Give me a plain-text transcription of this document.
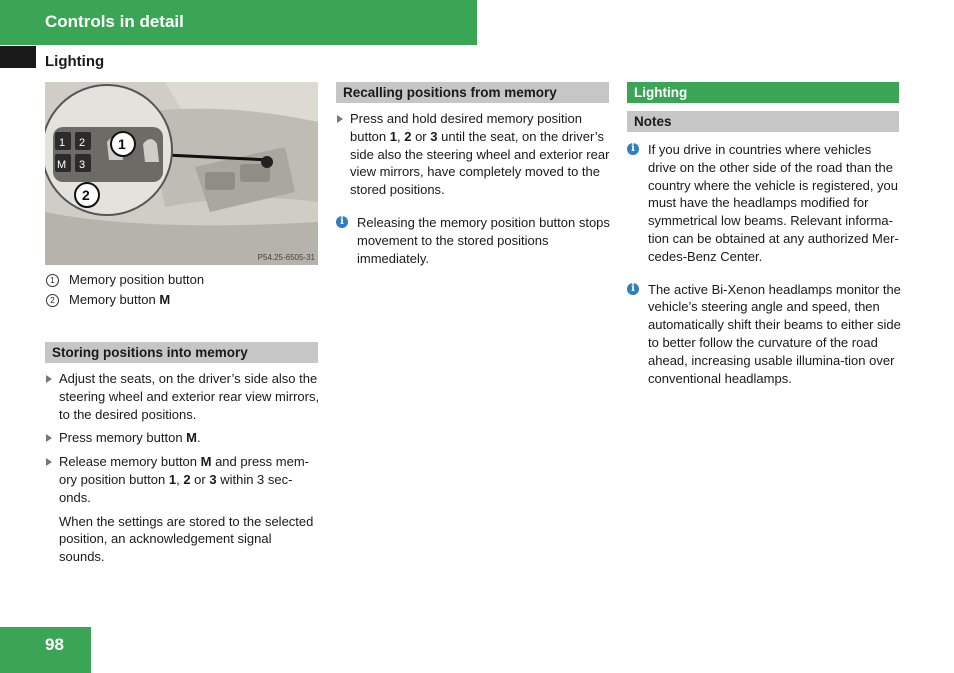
Controls in detail
Lighting
1 2
M 3
1
2
P54.25-6505-31
1	Memory position button
2	Memory button M
Storing positions into memory
Adjust the seats, on the driver’s side also the steering wheel and exterior rear view mirrors, to the desired positions.
Press memory button M.
Release memory button M and press mem-ory position button 1, 2 or 3 within 3 sec-onds.
When the settings are stored to the selected position, an acknowledgement signal sounds.
Recalling positions from memory
Press and hold desired memory position button 1, 2 or 3 until the seat, on the driver’s side also the steering wheel and exterior rear view mirrors, have completely moved to the stored positions.
i	Releasing the memory position button stops movement to the stored positions immediately.
Lighting
Notes
i	If you drive in countries where vehicles drive on the other side of the road than the country where the vehicle is registered, you must have the headlamps modified for symmetrical low beams. Relevant informa-tion can be obtained at any authorized Mer-cedes-Benz Center.
i	The active Bi-Xenon headlamps monitor the vehicle’s steering angle and speed, then automatically shift their beams to either side to better follow the curvature of the road ahead, increasing usable illumina-tion over conventional headlamps.
98
